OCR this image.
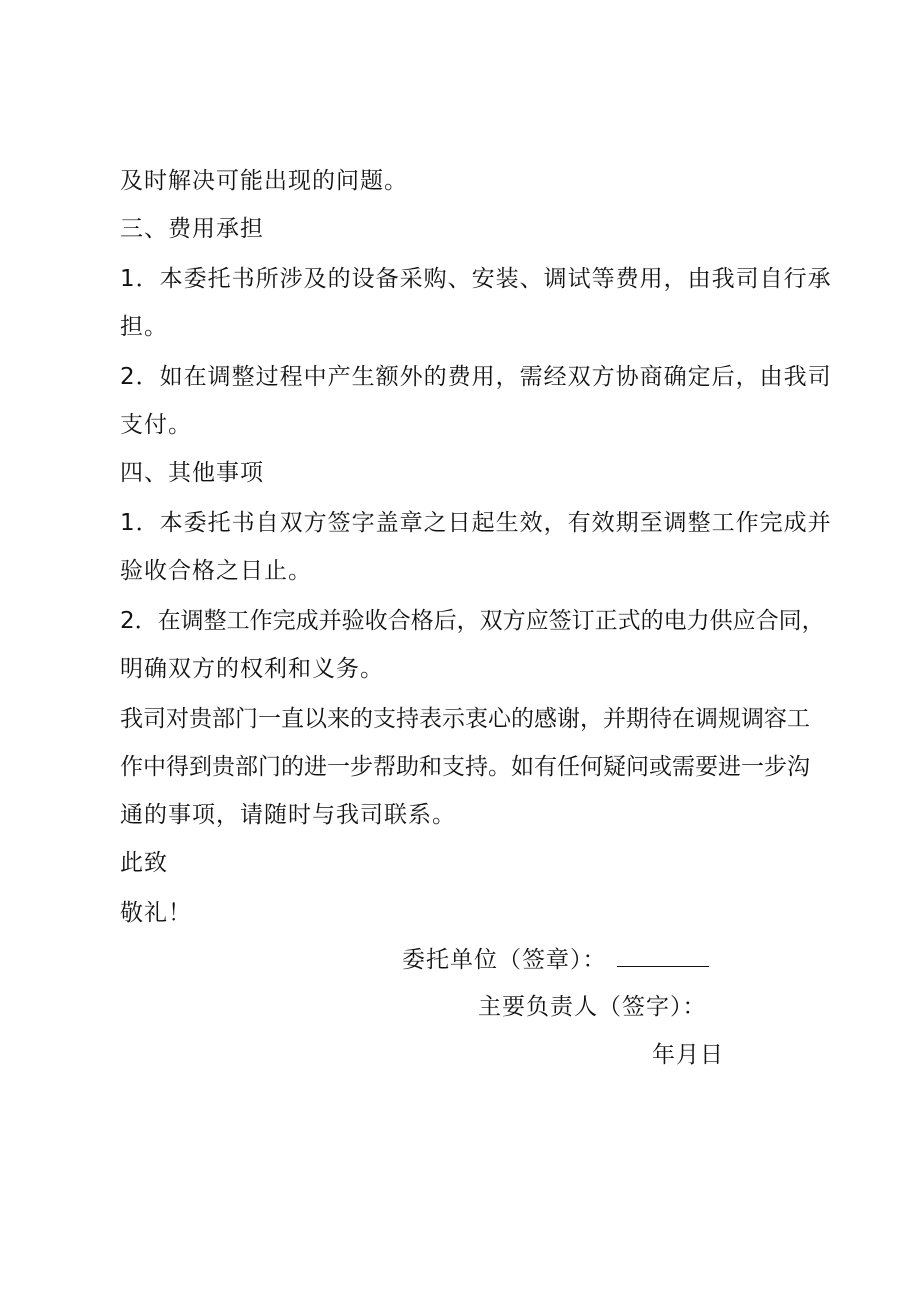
及时解决可能出现的问题。
三、费用承担
1．本委托书所涉及的设备采购、安装、调试等费用，由我司自行承
担。
2．如在调整过程中产生额外的费用，需经双方协商确定后，由我司
支付。
四、其他事项
1．本委托书自双方签字盖章之日起生效，有效期至调整工作完成并
验收合格之日止。
2．在调整工作完成并验收合格后，双方应签订正式的电力供应合同，
明确双方的权利和义务。
我司对贵部门一直以来的支持表示衷心的感谢，并期待在调规调容工
作中得到贵部门的进一步帮助和支持。如有任何疑问或需要进一步沟
通的事项，请随时与我司联系。
此致
敬礼！
委托单位（签章）：
主要负责人（签字）：
年月日
